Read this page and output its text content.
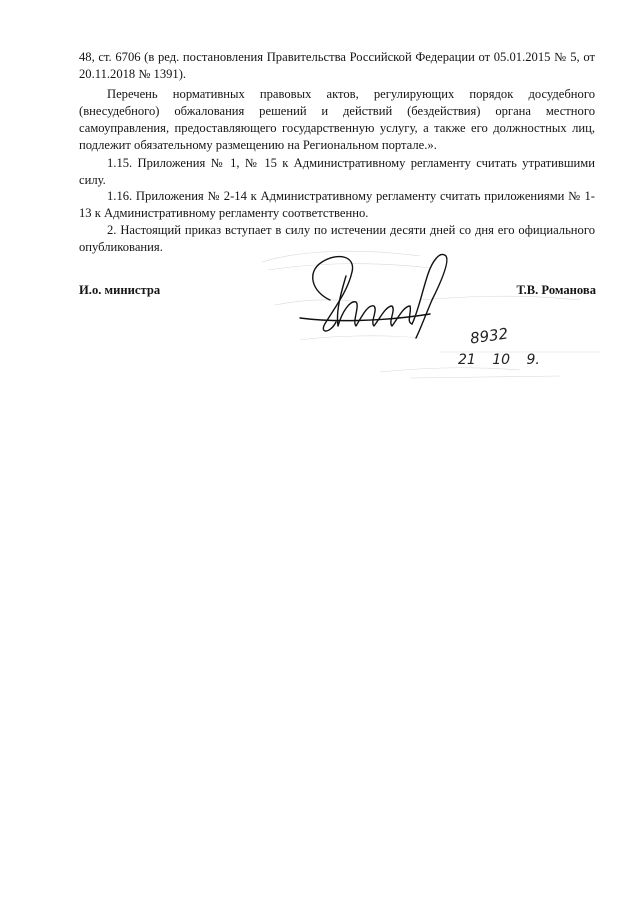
48, ст. 6706 (в ред. постановления Правительства Российской Федерации от 05.01.2015 № 5, от 20.11.2018 № 1391).

Перечень нормативных правовых актов, регулирующих порядок досудебного (внесудебного) обжалования решений и действий (бездействия) органа местного самоуправления, предоставляющего государственную услугу, а также его должностных лиц, подлежит обязательному размещению на Региональном портале.».

1.15. Приложения № 1, № 15 к Административному регламенту считать утратившими силу.

1.16. Приложения № 2-14 к Административному регламенту считать приложениями № 1-13 к Административному регламенту соответственно.

2. Настоящий приказ вступает в силу по истечении десяти дней со дня его официального опубликования.

И.о. министра	Т.В. Романова
8932
21 10 9.
